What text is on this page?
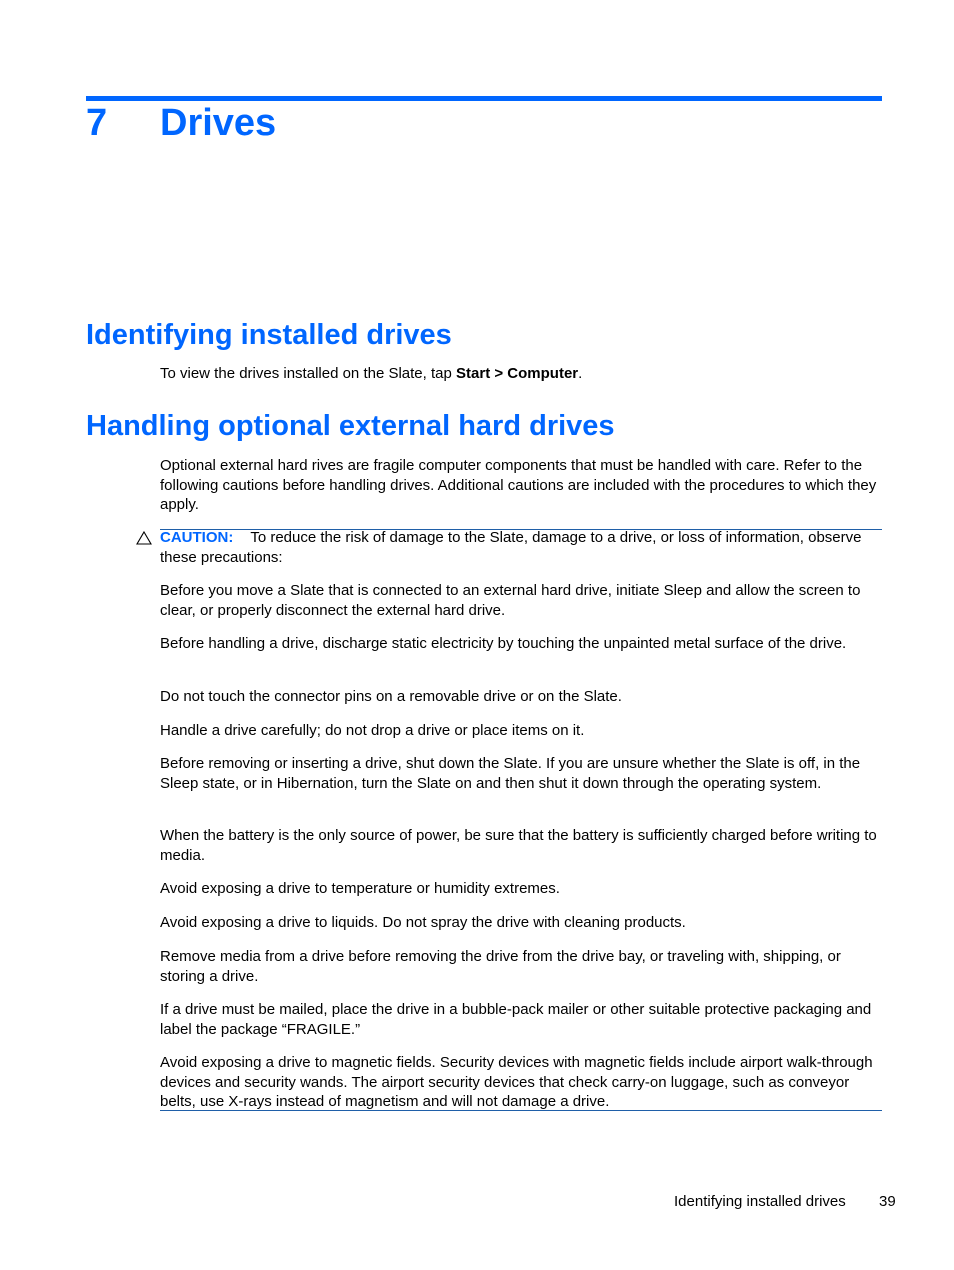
7 Drives
Identifying installed drives

To view the drives installed on the Slate, tap Start > Computer.

Handling optional external hard drives

Optional external hard rives are fragile computer components that must be handled with care. Refer to the following cautions before handling drives. Additional cautions are included with the procedures to which they apply.

CAUTION: To reduce the risk of damage to the Slate, damage to a drive, or loss of information, observe these precautions:

Before you move a Slate that is connected to an external hard drive, initiate Sleep and allow the screen to clear, or properly disconnect the external hard drive.

Before handling a drive, discharge static electricity by touching the unpainted metal surface of the drive.

Do not touch the connector pins on a removable drive or on the Slate.

Handle a drive carefully; do not drop a drive or place items on it.

Before removing or inserting a drive, shut down the Slate. If you are unsure whether the Slate is off, in the Sleep state, or in Hibernation, turn the Slate on and then shut it down through the operating system.

When the battery is the only source of power, be sure that the battery is sufficiently charged before writing to media.

Avoid exposing a drive to temperature or humidity extremes.

Avoid exposing a drive to liquids. Do not spray the drive with cleaning products.

Remove media from a drive before removing the drive from the drive bay, or traveling with, shipping, or storing a drive.

If a drive must be mailed, place the drive in a bubble-pack mailer or other suitable protective packaging and label the package “FRAGILE.”

Avoid exposing a drive to magnetic fields. Security devices with magnetic fields include airport walk-through devices and security wands. The airport security devices that check carry-on luggage, such as conveyor belts, use X-rays instead of magnetism and will not damage a drive.

Identifying installed drives 39
